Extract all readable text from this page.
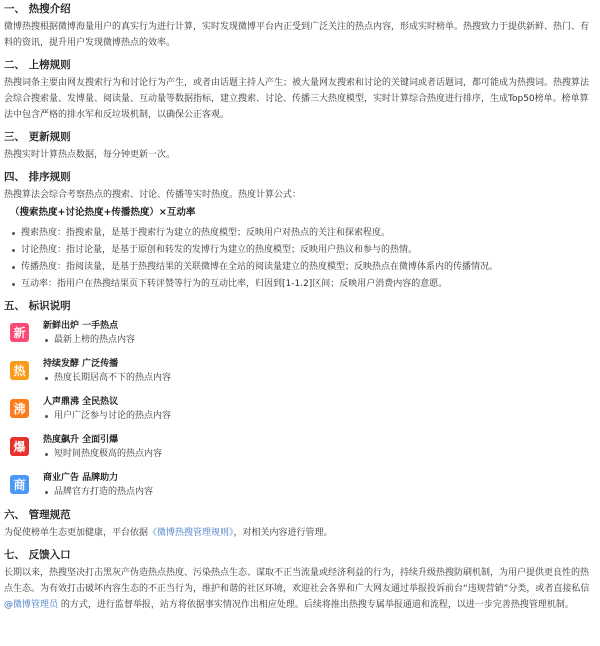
一、 热搜介绍

微博热搜根据微博海量用户的真实行为进行计算，实时发现微博平台内正受到广泛关注的热点内容，形成实时榜单。热搜致力于提供新鲜、热门、有料的资讯，提升用户发现微博热点的效率。

二、 上榜规则

热搜词条主要由网友搜索行为和讨论行为产生，或者由话题主持人产生；被大量网友搜索和讨论的关键词或者话题词，都可能成为热搜词。热搜算法会综合搜索量、发博量、阅读量、互动量等数据指标，建立搜索、讨论、传播三大热度模型，实时计算综合热度进行排序，生成Top50榜单。榜单算法中包含严格的排水军和反垃圾机制，以确保公正客观。

三、 更新规则

热搜实时计算热点数据，每分钟更新一次。

四、 排序规则

热搜算法会综合考察热点的搜索、讨论、传播等实时热度。热度计算公式：

（搜索热度+讨论热度+传播热度）×互动率
搜索热度：指搜索量，是基于搜索行为建立的热度模型；反映用户对热点的关注和探索程度。
讨论热度：指讨论量，是基于原创和转发的发博行为建立的热度模型；反映用户热议和参与的热情。
传播热度：指阅读量，是基于热搜结果的关联微博在全站的阅读量建立的热度模型；反映热点在微博体系内的传播情况。
互动率：指用户在热搜结果页下转评赞等行为的互动比率，归因到[1-1.2]区间；反映用户消费内容的意愿。
五、 标识说明
新	新鲜出炉 一手热点
最新上榜的热点内容
热	持续发酵 广泛传播
热度长期居高不下的热点内容
沸	人声鼎沸 全民热议
用户广泛参与讨论的热点内容
爆	热度飙升 全面引爆
短时间热度极高的热点内容
商	商业广告 品牌助力
品牌官方打造的热点内容
六、 管理规范

为促使榜单生态更加健康，平台依据《微博热搜管理规则》，对相关内容进行管理。

七、 反馈入口

长期以来，热搜坚决打击黑灰产伪造热点热度、污染热点生态、谋取不正当流量或经济利益的行为，持续升级热搜防刷机制，为用户提供更良性的热点生态。为有效打击破坏内容生态的不正当行为，维护和谐的社区环境，欢迎社会各界和广大网友通过举报投诉前台“违规营销”分类，或者直接私信@微博管理员 的方式，进行监督举报，站方将依据事实情况作出相应处理。后续将推出热搜专属举报通道和流程，以进一步完善热搜管理机制。
